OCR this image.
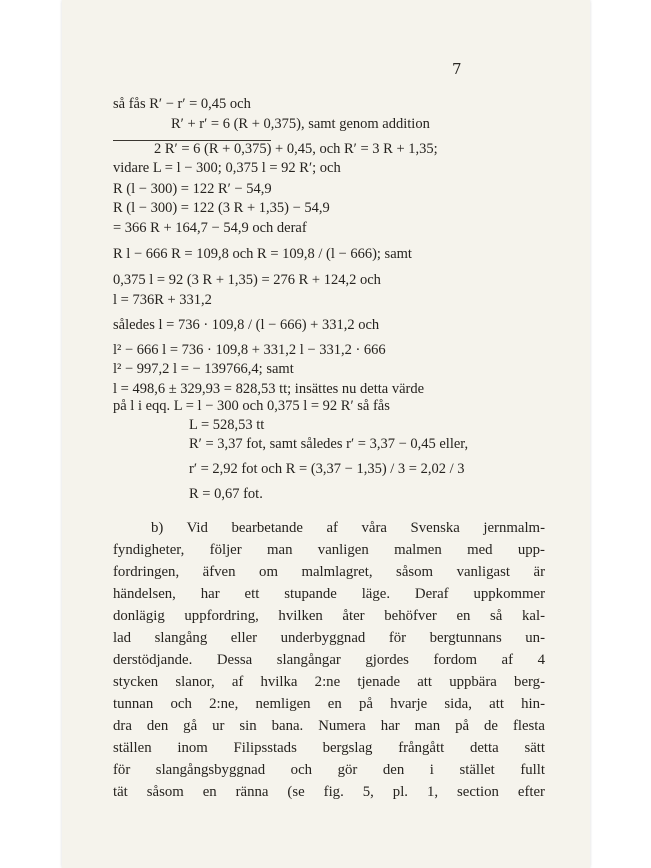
7
så fås R′ − r′ = 0,45 och
R′ + r′ = 6 (R + 0,375), samt genom addition
2 R′ = 6 (R + 0,375) + 0,45, och R′ = 3 R + 1,35;
vidare L = l − 300; 0,375 l = 92 R′; och
R (l − 300) = 122 R′ − 54,9
R (l − 300) = 122 (3 R + 1,35) − 54,9
= 366 R + 164,7 − 54,9 och deraf
R l − 666 R = 109,8 och R = 109,8 / (l − 666); samt
0,375 l = 92 (3 R + 1,35) = 276 R + 124,2 och
l = 736R + 331,2
således l = 736 · 109,8 / (l − 666) + 331,2 och
l² − 666 l = 736 · 109,8 + 331,2 l − 331,2 · 666
l² − 997,2 l = − 139766,4; samt
l = 498,6 ± 329,93 = 828,53 tt; insättes nu detta värde
på l i eqq. L = l − 300 och 0,375 l = 92 R′ så fås
L = 528,53 tt
R′ = 3,37 fot, samt således r′ = 3,37 − 0,45 eller,
r′ = 2,92 fot och R = (3,37 − 1,35) / 3 = 2,02 / 3
R = 0,67 fot.
b) Vid bearbetande af våra Svenska jernmalm-
fyndigheter, följer man vanligen malmen med upp-
fordringen, äfven om malmlagret, såsom vanligast är
händelsen, har ett stupande läge. Deraf uppkommer
donlägig uppfordring, hvilken åter behöfver en så kal-
lad slangång eller underbyggnad för bergtunnans un-
derstödjande. Dessa slangångar gjordes fordom af 4
stycken slanor, af hvilka 2:ne tjenade att uppbära berg-
tunnan och 2:ne, nemligen en på hvarje sida, att hin-
dra den gå ur sin bana. Numera har man på de flesta
ställen inom Filipsstads bergslag frångått detta sätt
för slangångsbyggnad och gör den i stället fullt
tät såsom en ränna (se fig. 5, pl. 1, section efter
